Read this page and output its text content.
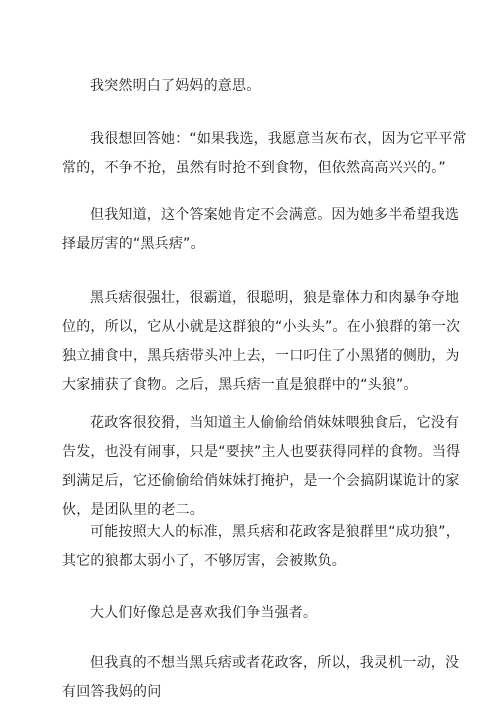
我突然明白了妈妈的意思。

我很想回答她：“如果我选，我愿意当灰布衣，因为它平平常常的，不争不抢，虽然有时抢不到食物，但依然高高兴兴的。”

但我知道，这个答案她肯定不会满意。因为她多半希望我选择最厉害的“黑兵痞”。

黑兵痞很强壮，很霸道，很聪明，狼是靠体力和肉暴争夺地位的，所以，它从小就是这群狼的“小头头”。在小狼群的第一次独立捕食中，黑兵痞带头冲上去，一口叼住了小黑猪的侧肋，为大家捕获了食物。之后，黑兵痞一直是狼群中的“头狼”。

花政客很狡猾，当知道主人偷偷给俏妹妹喂独食后，它没有告发，也没有闹事，只是“要挟”主人也要获得同样的食物。当得到满足后，它还偷偷给俏妹妹打掩护，是一个会搞阴谋诡计的家伙，是团队里的老二。

可能按照大人的标准，黑兵痞和花政客是狼群里“成功狼”，其它的狼都太弱小了，不够厉害，会被欺负。

大人们好像总是喜欢我们争当强者。

但我真的不想当黑兵痞或者花政客，所以，我灵机一动，没有回答我妈的问
